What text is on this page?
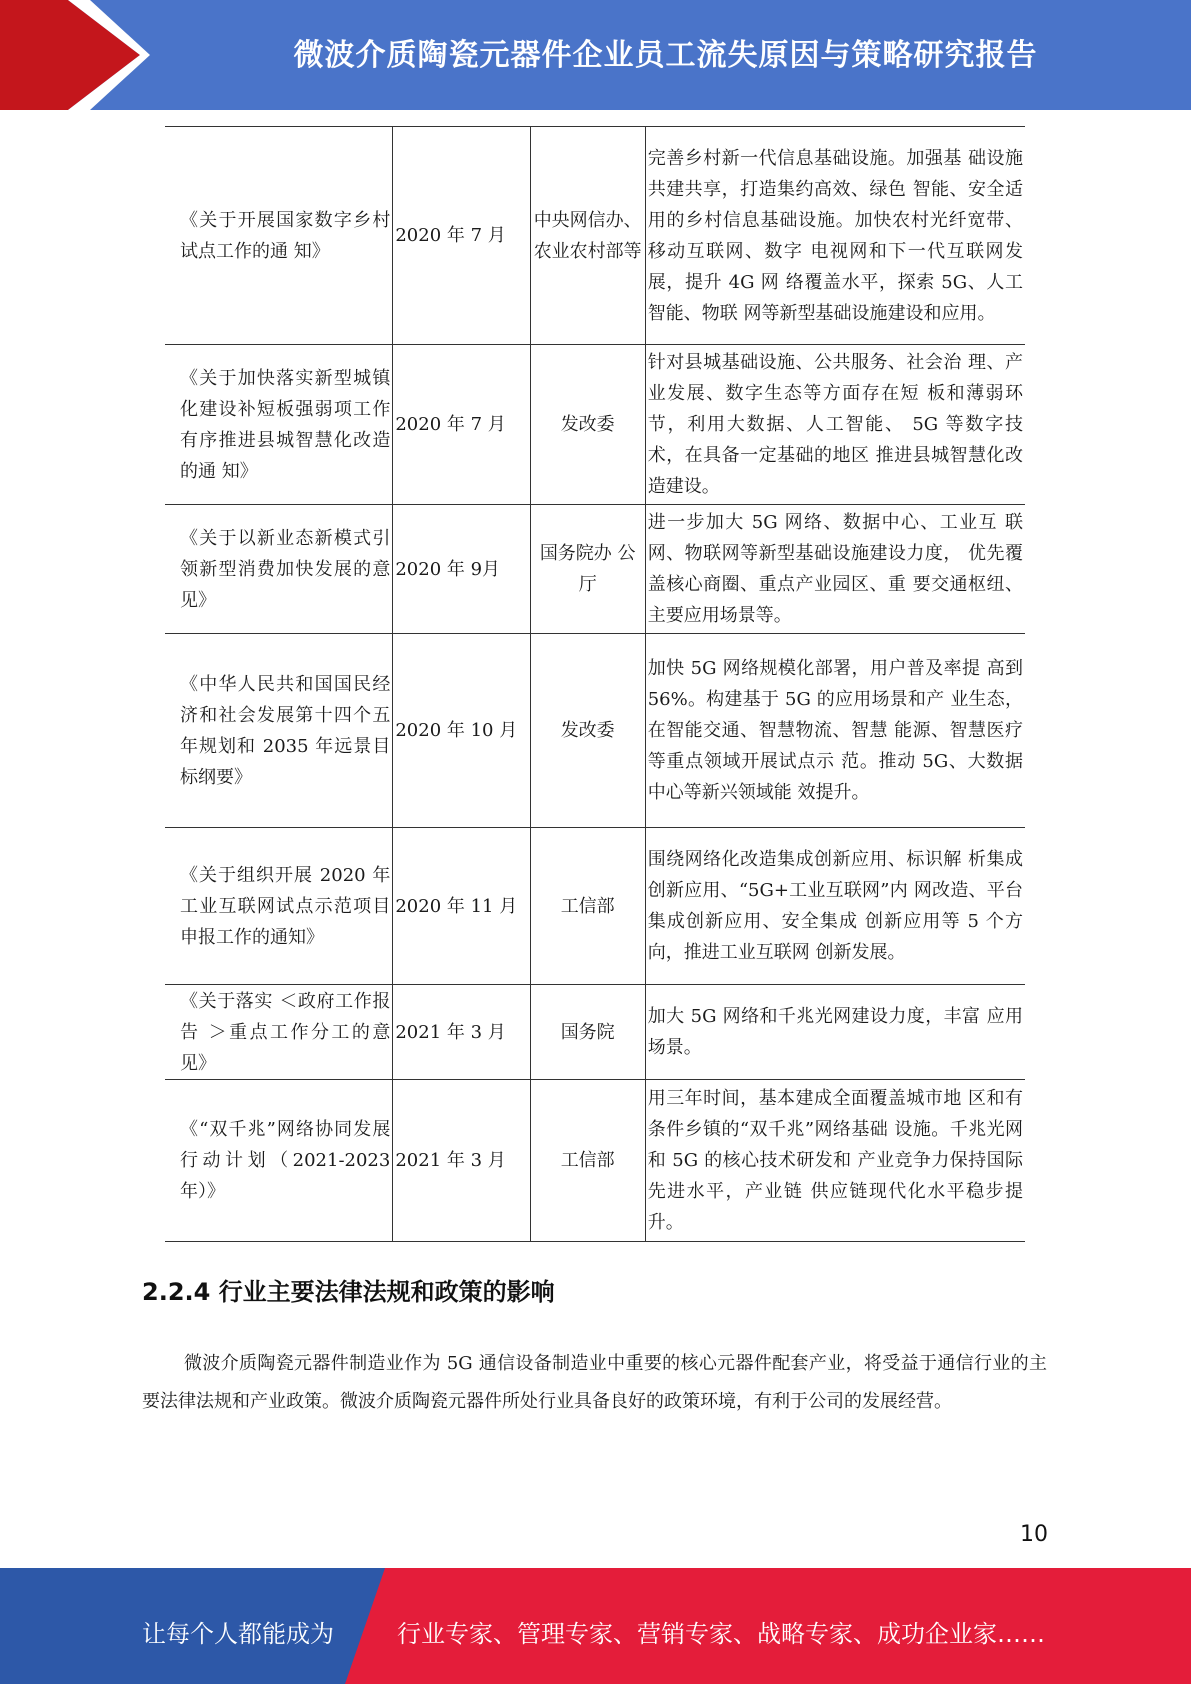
微波介质陶瓷元器件企业员工流失原因与策略研究报告
《关于开展国家数字乡村试点工作的通 知》	2020 年 7 月	中央网信办、农业农村部等	完善乡村新一代信息基础设施。加强基 础设施共建共享，打造集约高效、绿色 智能、安全适用的乡村信息基础设施。加快农村光纤宽带、移动互联网、数字 电视网和下一代互联网发展，提升 4G 网 络覆盖水平，探索 5G、人工智能、物联 网等新型基础设施建设和应用。
《关于加快落实新型城镇化建设补短板强弱项工作有序推进县城智慧化改造的通 知》	2020 年 7 月	发改委	针对县城基础设施、公共服务、社会治 理、产业发展、数字生态等方面存在短 板和薄弱环节，利用大数据、人工智能、 5G 等数字技术，在具备一定基础的地区 推进县城智慧化改造建设。
《关于以新业态新模式引领新型消费加快发展的意见》	2020 年 9月	国务院办 公厅	进一步加大 5G 网络、数据中心、工业互 联网、物联网等新型基础设施建设力度， 优先覆盖核心商圈、重点产业园区、重 要交通枢纽、主要应用场景等。
《中华人民共和国国民经济和社会发展第十四个五年规划和 2035 年远景目标纲要》	2020 年 10 月	发改委	加快 5G 网络规模化部署，用户普及率提 高到 56%。构建基于 5G 的应用场景和产 业生态，在智能交通、智慧物流、智慧 能源、智慧医疗等重点领域开展试点示 范。推动 5G、大数据中心等新兴领域能 效提升。
《关于组织开展 2020 年工业互联网试点示范项目申报工作的通知》	2020 年 11 月	工信部	围绕网络化改造集成创新应用、标识解 析集成创新应用、“5G+工业互联网”内 网改造、平台集成创新应用、安全集成 创新应用等 5 个方向，推进工业互联网 创新发展。
《关于落实 ＜政府工作报告 ＞重点工作分工的意见》	2021 年 3 月	国务院	加大 5G 网络和千兆光网建设力度，丰富 应用场景。
《“双千兆”网络协同发展行动计划（2021-2023 年）》	2021 年 3 月	工信部	用三年时间，基本建成全面覆盖城市地 区和有条件乡镇的“双千兆”网络基础 设施。千兆光网和 5G 的核心技术研发和 产业竞争力保持国际先进水平，产业链 供应链现代化水平稳步提升。
2.2.4 行业主要法律法规和政策的影响
微波介质陶瓷元器件制造业作为 5G 通信设备制造业中重要的核心元器件配套产业，将受益于通信行业的主要法律法规和产业政策。微波介质陶瓷元器件所处行业具备良好的政策环境，有利于公司的发展经营。
10
让每个人都能成为	行业专家、管理专家、营销专家、战略专家、成功企业家……
